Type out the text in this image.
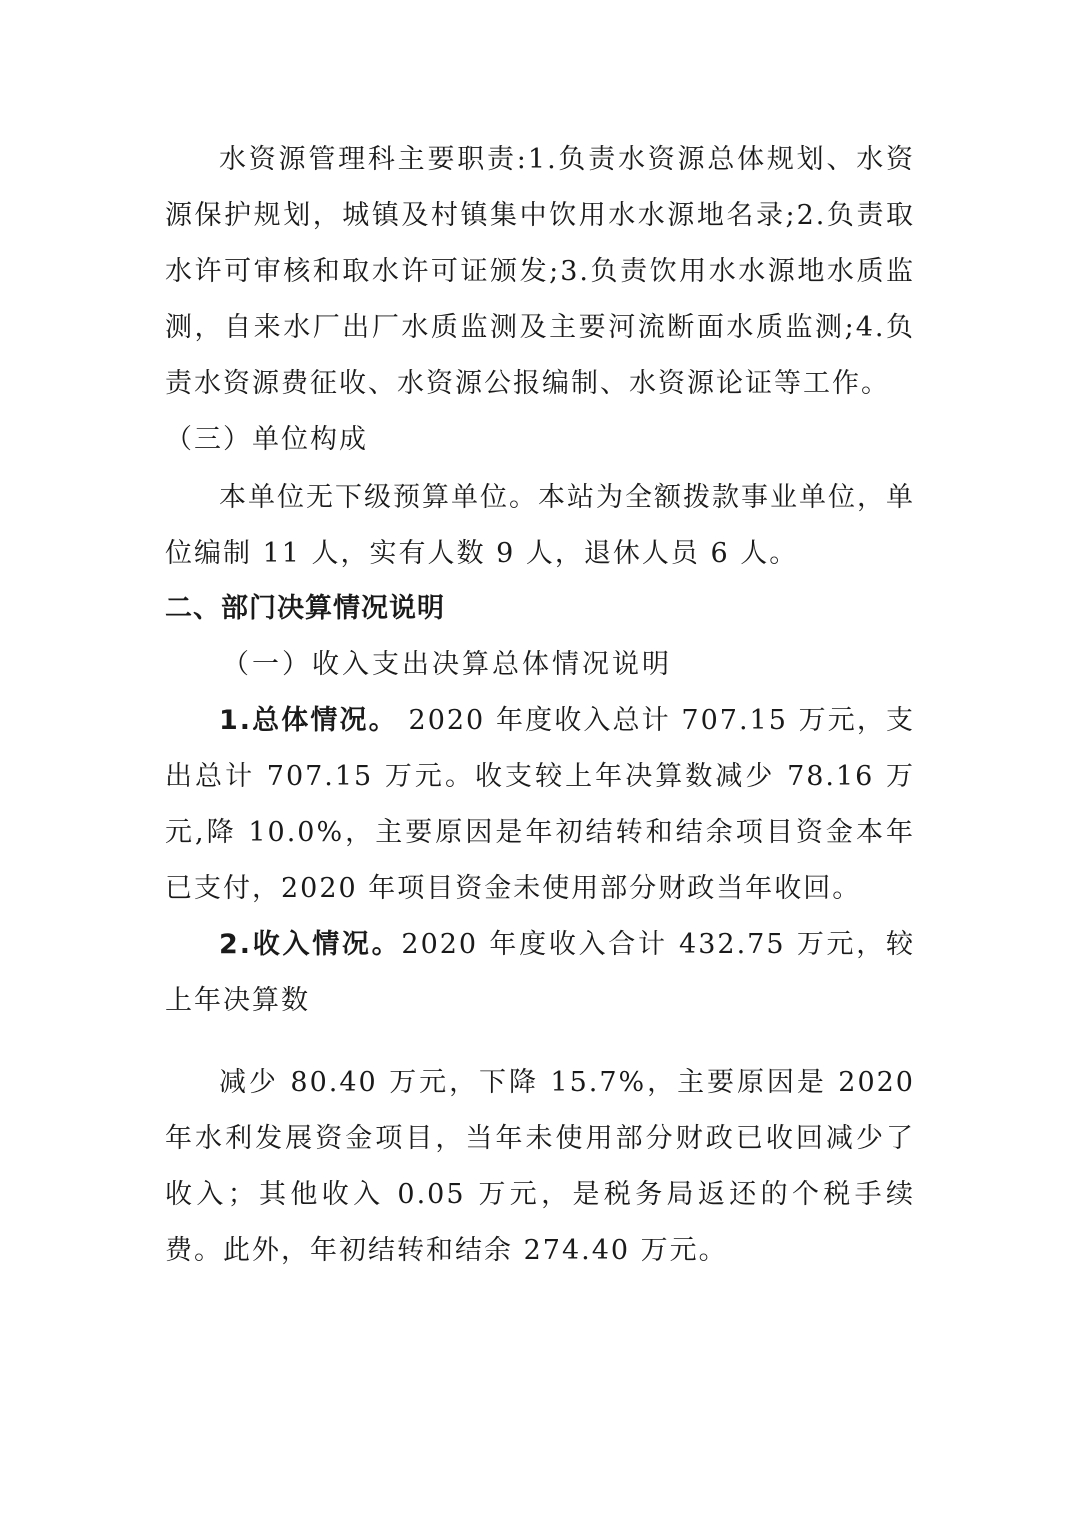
水资源管理科主要职责:1.负责水资源总体规划、水资源保护规划，城镇及村镇集中饮用水水源地名录;2.负责取水许可审核和取水许可证颁发;3.负责饮用水水源地水质监测，自来水厂出厂水质监测及主要河流断面水质监测;4.负责水资源费征收、水资源公报编制、水资源论证等工作。

（三）单位构成

本单位无下级预算单位。本站为全额拨款事业单位，单位编制 11 人，实有人数 9 人，退休人员 6 人。

二、部门决算情况说明

（一）收入支出决算总体情况说明

1.总体情况。 2020 年度收入总计 707.15 万元，支出总计 707.15 万元。收支较上年决算数减少 78.16 万元,降 10.0%，主要原因是年初结转和结余项目资金本年已支付，2020 年项目资金未使用部分财政当年收回。

2.收入情况。2020 年度收入合计 432.75 万元，较上年决算数

减少 80.40 万元，下降 15.7%，主要原因是 2020 年水利发展资金项目，当年未使用部分财政已收回减少了收入；其他收入 0.05 万元，是税务局返还的个税手续费。此外，年初结转和结余 274.40 万元。
